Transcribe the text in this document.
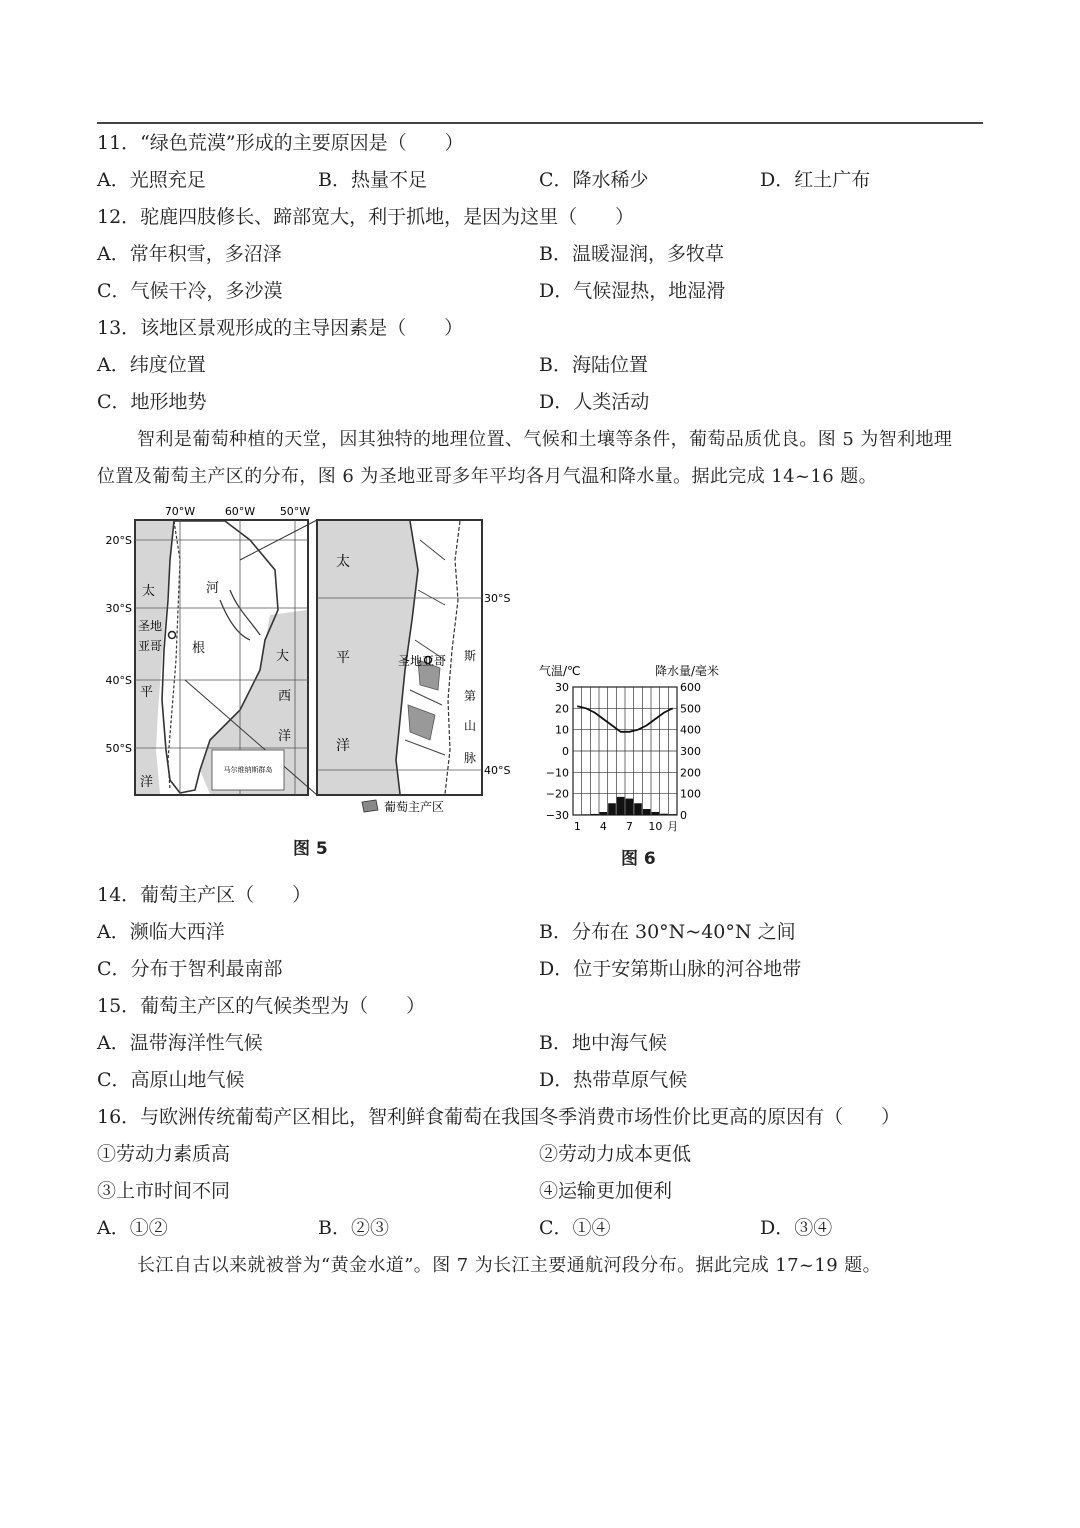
11．“绿色荒漠”形成的主要原因是（　　）
A．光照充足	B．热量不足	C．降水稀少	D．红土广布
12．驼鹿四肢修长、蹄部宽大，利于抓地，是因为这里（　　）
A．常年积雪，多沼泽	B．温暖湿润，多牧草
C．气候干冷，多沙漠	D．气候湿热，地湿滑
13．该地区景观形成的主导因素是（　　）
A．纬度位置	B．海陆位置
C．地形地势	D．人类活动
智利是葡萄种植的天堂，因其独特的地理位置、气候和土壤等条件，葡萄品质优良。图 5 为智利地理
位置及葡萄主产区的分布，图 6 为圣地亚哥多年平均各月气温和降水量。据此完成 14~16 题。
马尔维纳斯群岛
70°W	60°W 50°W
20°S
30°S
40°S
50°S
太
圣地
亚哥
河
根
大
西
洋
平
洋
30°S
40°S
太
平
洋
圣地亚哥 斯
第
山
脉
葡萄主产区
图 5
气温/℃	降水量/毫米
30
20
10
0
−10
−20
−30
600
500
400
300
200
100
0
1 4 7 10 月
图 6
14．葡萄主产区（　　）
A．濒临大西洋	B．分布在 30°N~40°N 之间
C．分布于智利最南部	D．位于安第斯山脉的河谷地带
15．葡萄主产区的气候类型为（　　）
A．温带海洋性气候	B．地中海气候
C．高原山地气候	D．热带草原气候
16．与欧洲传统葡萄产区相比，智利鲜食葡萄在我国冬季消费市场性价比更高的原因有（　　）
①劳动力素质高	②劳动力成本更低
③上市时间不同	④运输更加便利
A．①②	B．②③	C．①④	D．③④
长江自古以来就被誉为“黄金水道”。图 7 为长江主要通航河段分布。据此完成 17~19 题。
